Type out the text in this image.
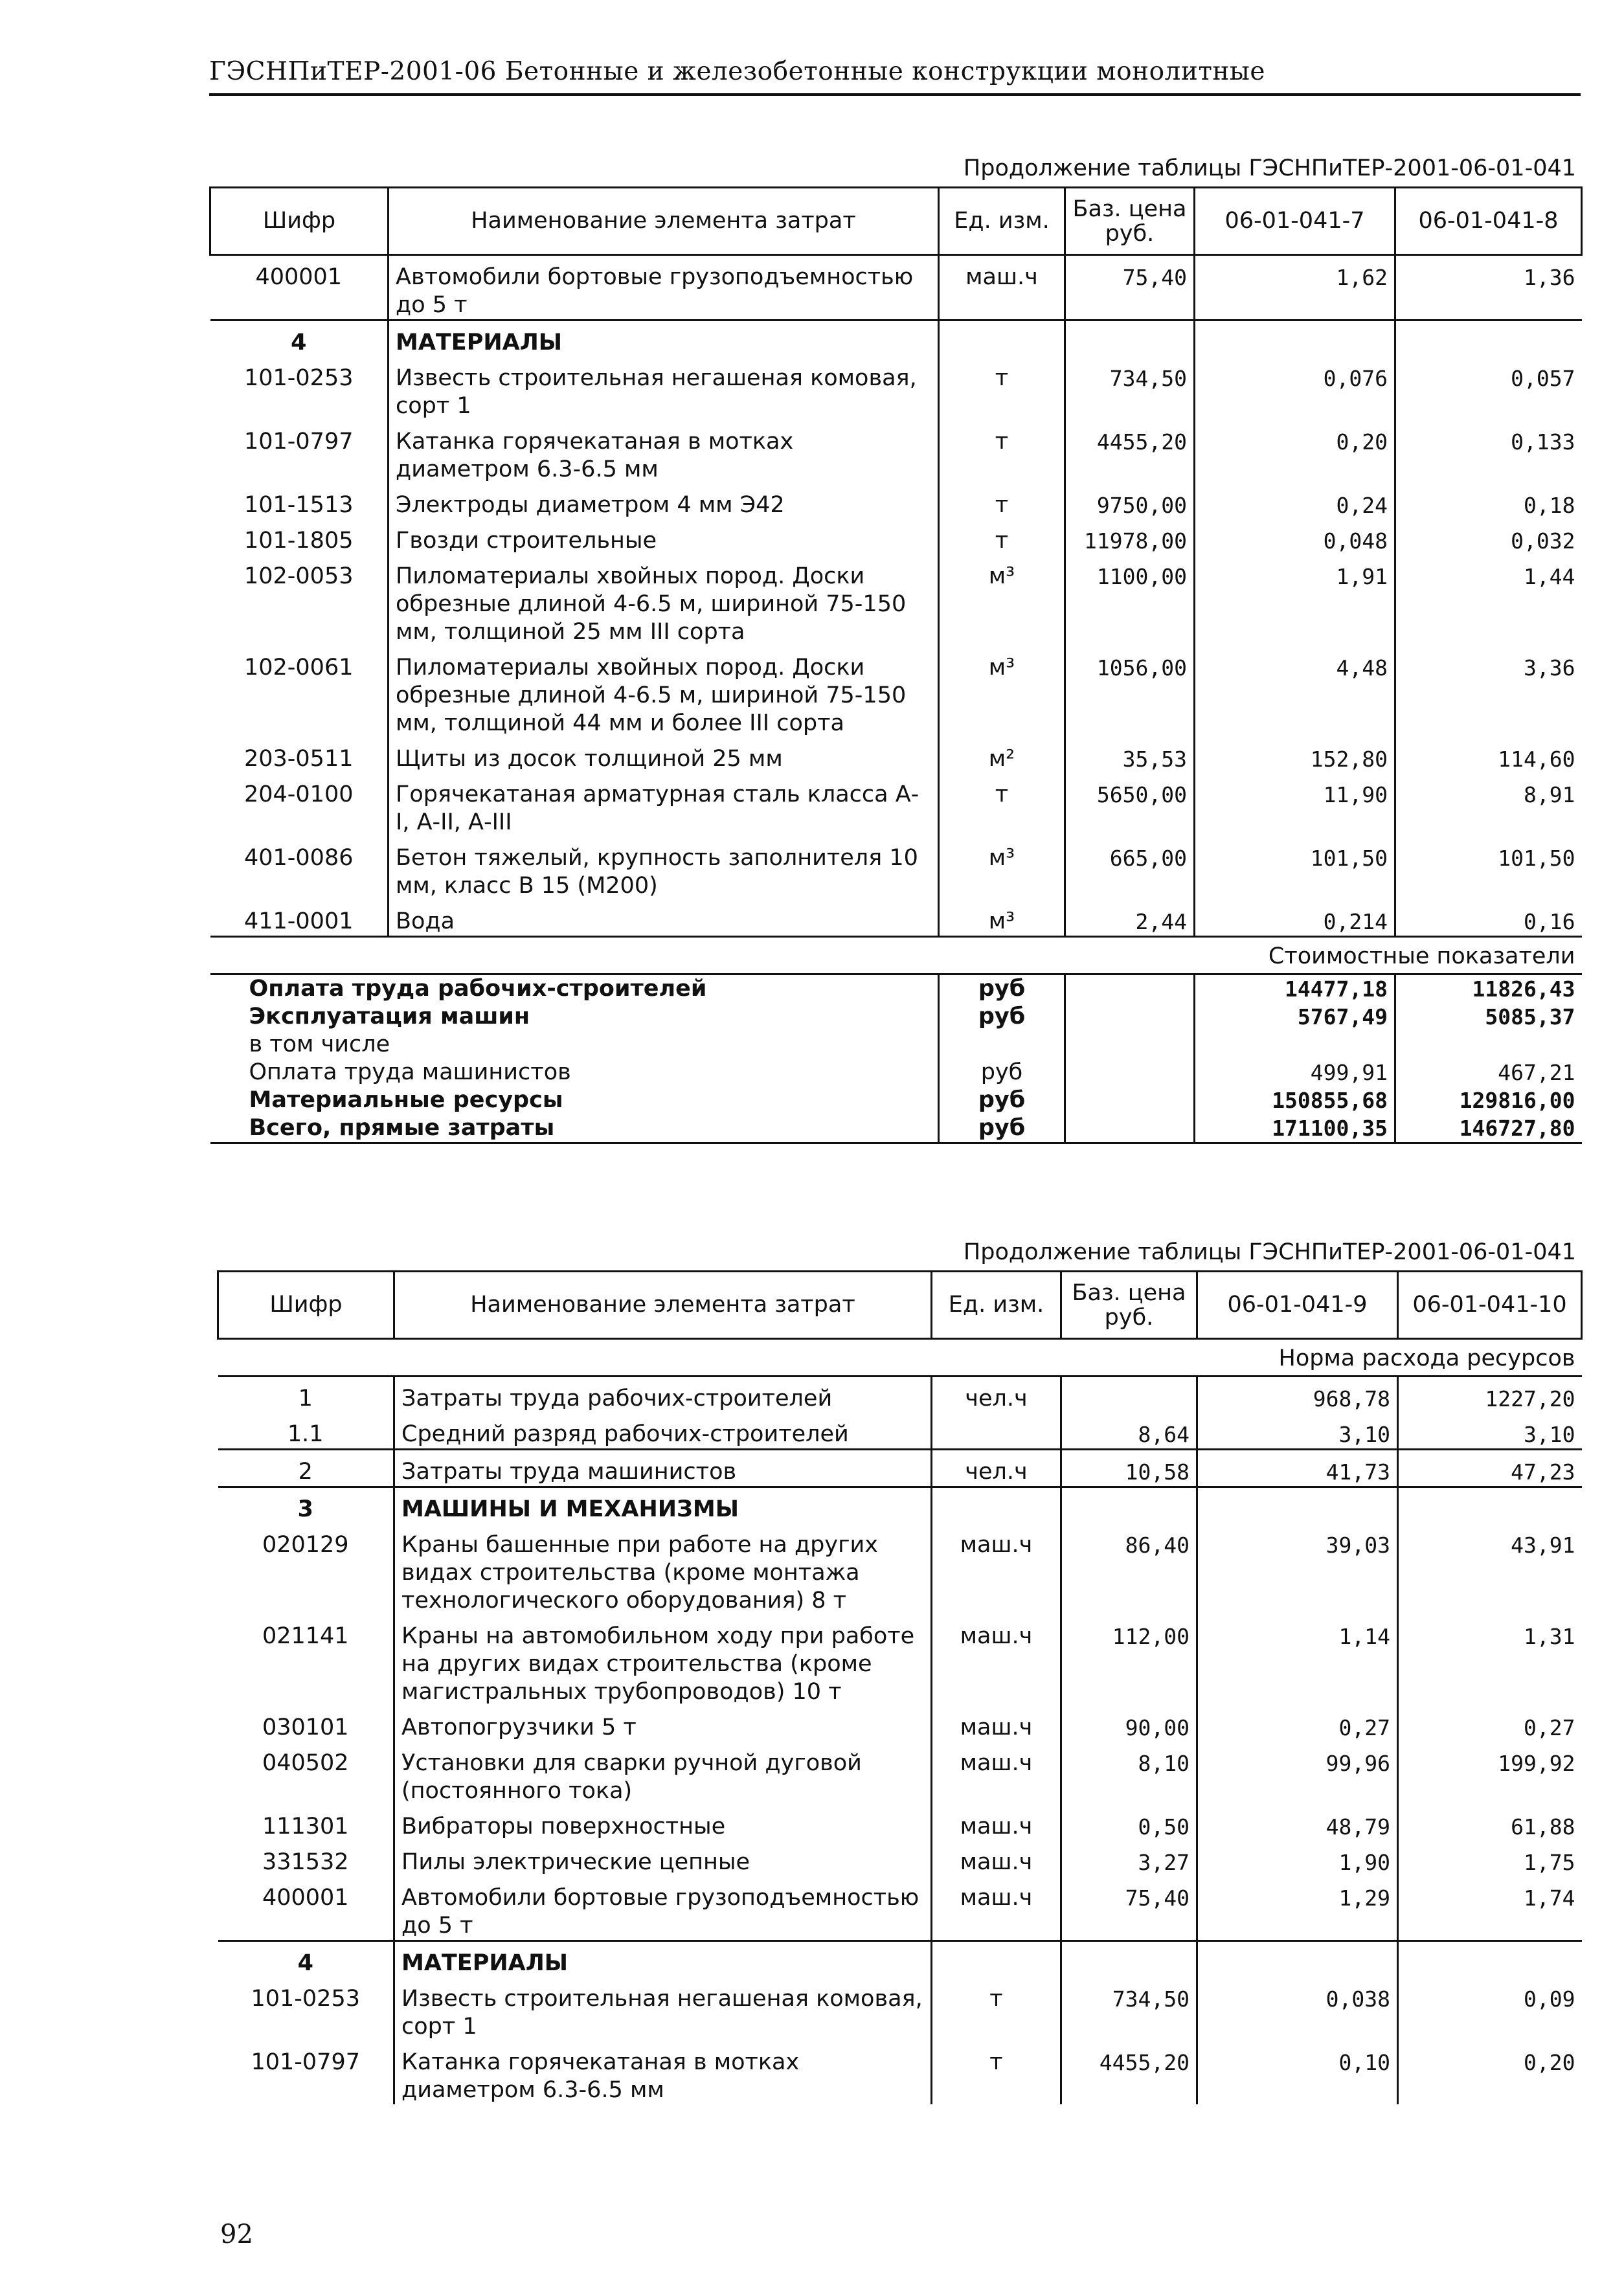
ГЭСНПиТЕР-2001-06 Бетонные и железобетонные конструкции монолитные
Продолжение таблицы ГЭСНПиТЕР-2001-06-01-041
Шифр	Наименование элемента затрат	Ед. изм.	Баз. цена руб.	06-01-041-7	06-01-041-8
400001	Автомобили бортовые грузоподъемностью до 5 т	маш.ч	75,40	1,62	1,36
4	МАТЕРИАЛЫ				
101-0253	Известь строительная негашеная комовая, сорт 1	т	734,50	0,076	0,057
101-0797	Катанка горячекатаная в мотках диаметром 6.3-6.5 мм	т	4455,20	0,20	0,133
101-1513	Электроды диаметром 4 мм Э42	т	9750,00	0,24	0,18
101-1805	Гвозди строительные	т	11978,00	0,048	0,032
102-0053	Пиломатериалы хвойных пород. Доски обрезные длиной 4-6.5 м, шириной 75-150 мм, толщиной 25 мм III сорта	м³	1100,00	1,91	1,44
102-0061	Пиломатериалы хвойных пород. Доски обрезные длиной 4-6.5 м, шириной 75-150 мм, толщиной 44 мм и более III сорта	м³	1056,00	4,48	3,36
203-0511	Щиты из досок толщиной 25 мм	м²	35,53	152,80	114,60
204-0100	Горячекатаная арматурная сталь класса А-I, А-II, А-III	т	5650,00	11,90	8,91
401-0086	Бетон тяжелый, крупность заполнителя 10 мм, класс В 15 (М200)	м³	665,00	101,50	101,50
411-0001	Вода	м³	2,44	0,214	0,16
Стоимостные показатели					
Оплата труда рабочих-строителей		руб		14477,18	11826,43
Эксплуатация машин		руб		5767,49	5085,37
в том числе					
Оплата труда машинистов		руб		499,91	467,21
Материальные ресурсы		руб		150855,68	129816,00
Всего, прямые затраты		руб		171100,35	146727,80
Продолжение таблицы ГЭСНПиТЕР-2001-06-01-041
Шифр	Наименование элемента затрат	Ед. изм.	Баз. цена руб.	06-01-041-9	06-01-041-10
Норма расхода ресурсов					
1	Затраты труда рабочих-строителей	чел.ч		968,78	1227,20
1.1	Средний разряд рабочих-строителей		8,64	3,10	3,10
2	Затраты труда машинистов	чел.ч	10,58	41,73	47,23
3	МАШИНЫ И МЕХАНИЗМЫ				
020129	Краны башенные при работе на других видах строительства (кроме монтажа технологического оборудования) 8 т	маш.ч	86,40	39,03	43,91
021141	Краны на автомобильном ходу при работе на других видах строительства (кроме магистральных трубопроводов) 10 т	маш.ч	112,00	1,14	1,31
030101	Автопогрузчики 5 т	маш.ч	90,00	0,27	0,27
040502	Установки для сварки ручной дуговой (постоянного тока)	маш.ч	8,10	99,96	199,92
111301	Вибраторы поверхностные	маш.ч	0,50	48,79	61,88
331532	Пилы электрические цепные	маш.ч	3,27	1,90	1,75
400001	Автомобили бортовые грузоподъемностью до 5 т	маш.ч	75,40	1,29	1,74
4	МАТЕРИАЛЫ				
101-0253	Известь строительная негашеная комовая, сорт 1	т	734,50	0,038	0,09
101-0797	Катанка горячекатаная в мотках диаметром 6.3-6.5 мм	т	4455,20	0,10	0,20
92
